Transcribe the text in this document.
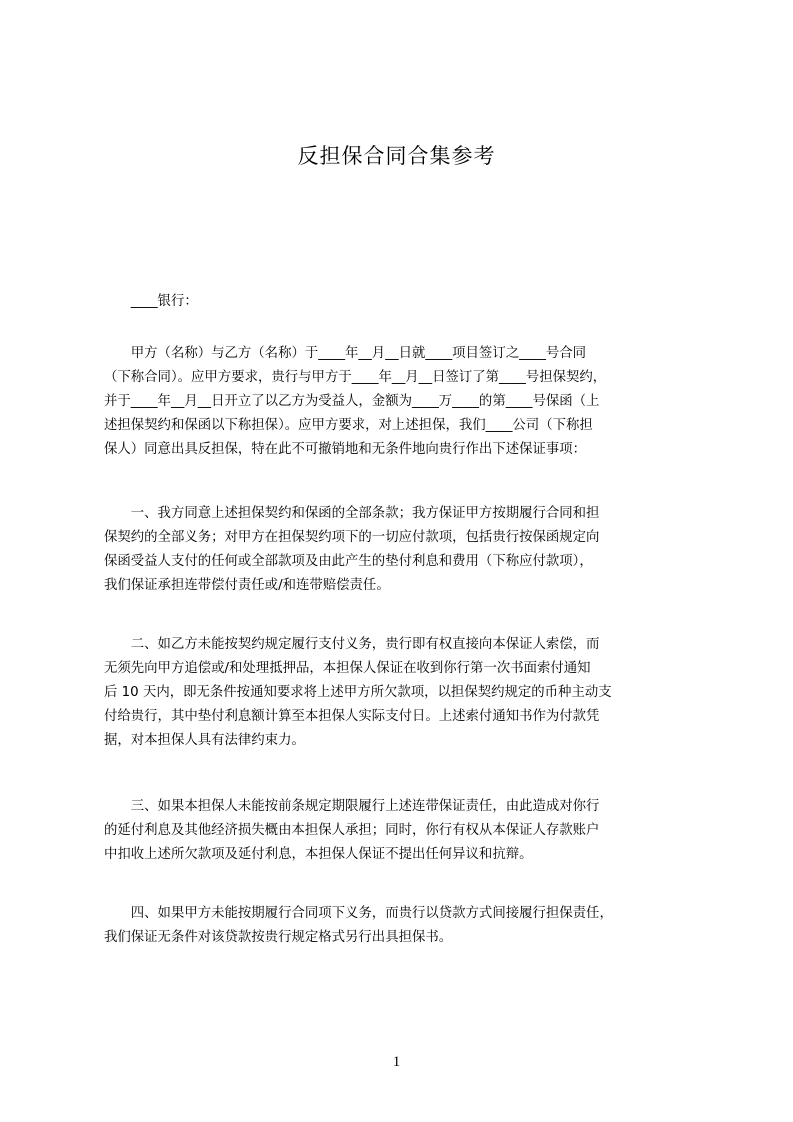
反担保合同合集参考
　　____银行：
　　甲方（名称）与乙方（名称）于____年__月__日就____项目签订之____号合同
（下称合同）。应甲方要求，贵行与甲方于____年__月__日签订了第____号担保契约，
并于____年__月__日开立了以乙方为受益人，金额为____万____的第____号保函（上
述担保契约和保函以下称担保）。应甲方要求，对上述担保，我们____公司（下称担
保人）同意出具反担保，特在此不可撤销地和无条件地向贵行作出下述保证事项：
　　一、我方同意上述担保契约和保函的全部条款；我方保证甲方按期履行合同和担
保契约的全部义务；对甲方在担保契约项下的一切应付款项，包括贵行按保函规定向
保函受益人支付的任何或全部款项及由此产生的垫付利息和费用（下称应付款项），
我们保证承担连带偿付责任或/和连带赔偿责任。
　　二、如乙方未能按契约规定履行支付义务，贵行即有权直接向本保证人索偿，而
无须先向甲方追偿或/和处理抵押品，本担保人保证在收到你行第一次书面索付通知
后 10 天内，即无条件按通知要求将上述甲方所欠款项，以担保契约规定的币种主动支
付给贵行，其中垫付利息额计算至本担保人实际支付日。上述索付通知书作为付款凭
据，对本担保人具有法律约束力。
　　三、如果本担保人未能按前条规定期限履行上述连带保证责任，由此造成对你行
的延付利息及其他经济损失概由本担保人承担；同时，你行有权从本保证人存款账户
中扣收上述所欠款项及延付利息，本担保人保证不提出任何异议和抗辩。
　　四、如果甲方未能按期履行合同项下义务，而贵行以贷款方式间接履行担保责任，
我们保证无条件对该贷款按贵行规定格式另行出具担保书。
1
